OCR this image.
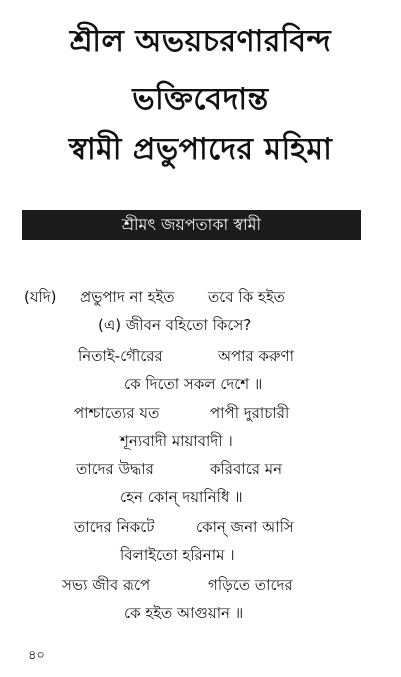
শ্রীল অভয়চরণারবিন্দ
ভক্তিবেদান্ত
স্বামী প্রভুপাদের মহিমা
শ্রীমৎ জয়পতাকা স্বামী
(যদি) প্রভুপাদ না হইত তবে কি হইত
(এ) জীবন বহিতো কিসে?
নিতাই-গৌরের	অপার করুণা
কে দিতো সকল দেশে ॥
পাশ্চাত্যের যত	পাপী দুরাচারী
শূন্যবাদী মায়াবাদী ।
তাদের উদ্ধার	করিবারে মন
হেন কোন্‌ দয়ানিধি ॥
তাদের নিকটে	কোন্‌ জনা আসি
বিলাইতো হরিনাম ।
সভ্য জীব রূপে	গড়িতে তাদের
কে হইত আগুয়ান ॥
৪০
